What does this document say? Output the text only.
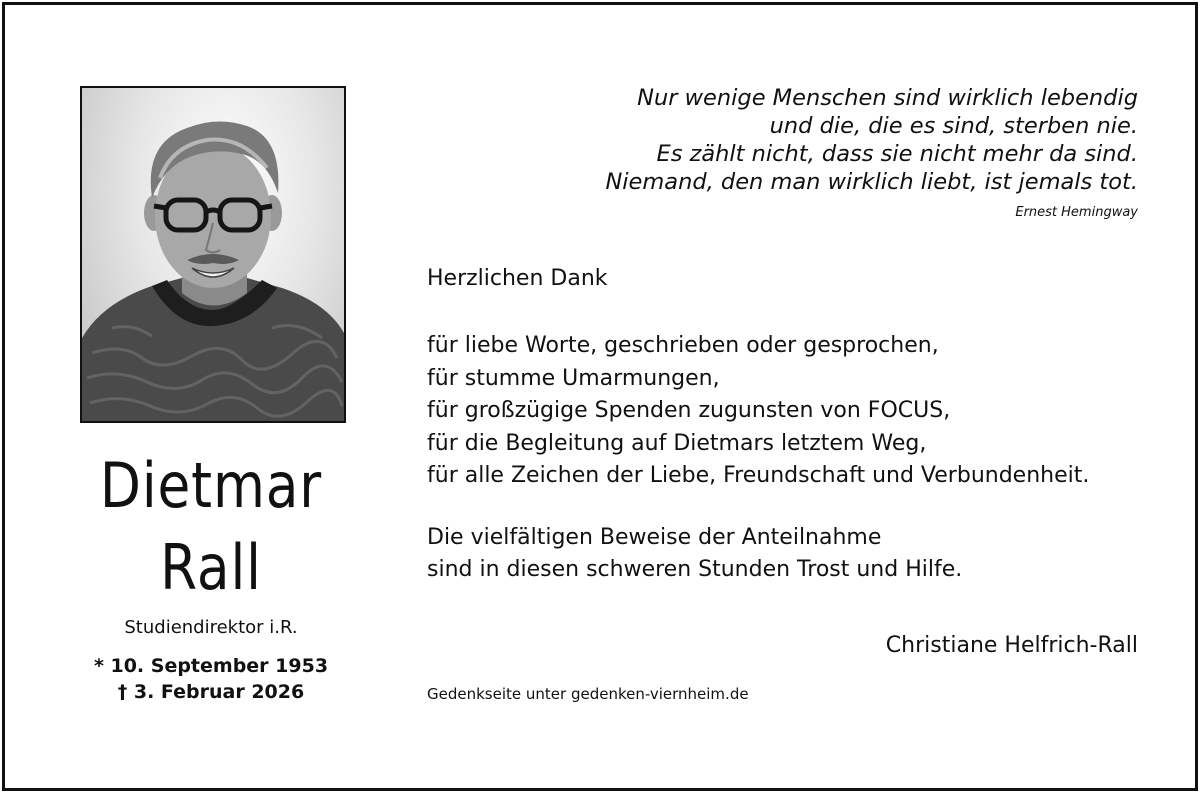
Dietmar
Rall
Studiendirektor i.R.
* 10. September 1953
† 3. Februar 2026
Nur wenige Menschen sind wirklich lebendig
und die, die es sind, sterben nie.
Es zählt nicht, dass sie nicht mehr da sind.
Niemand, den man wirklich liebt, ist jemals tot.
Ernest Hemingway
Herzlichen Dank
für liebe Worte, geschrieben oder gesprochen,
für stumme Umarmungen,
für großzügige Spenden zugunsten von FOCUS,
für die Begleitung auf Dietmars letztem Weg,
für alle Zeichen der Liebe, Freundschaft und Verbundenheit.
Die vielfältigen Beweise der Anteilnahme
sind in diesen schweren Stunden Trost und Hilfe.
Christiane Helfrich-Rall
Gedenkseite unter gedenken-viernheim.de
